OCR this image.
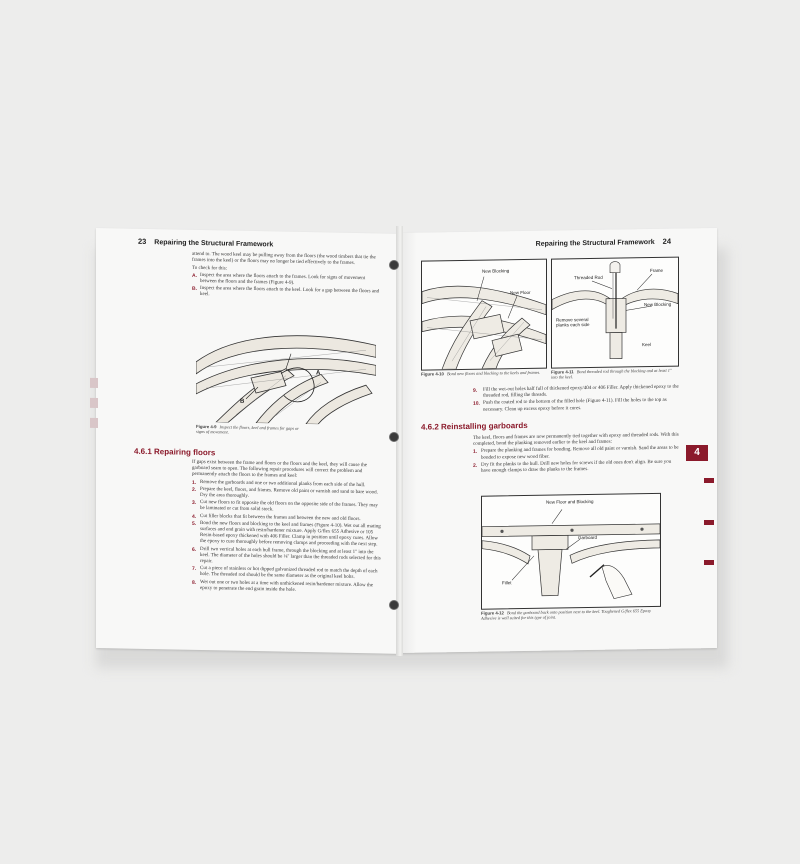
23 Repairing the Structural Framework
attend to. The wood keel may be pulling away from the floors (the wood timbers that tie the frames into the keel) or the floors may no longer be tied effectively to the frames.
To check for this:
A. Inspect the area where the floors attach to the frames. Look for signs of movement between the floors and the frames (Figure 4-9).
B. Inspect the area where the floors attach to the keel. Look for a gap between the floors and keel.
A
B
Figure 4-9 Inspect the floors, keel and frames for gaps or signs of movement.
4.6.1 Repairing floors
If gaps exist between the frame and floors or the floors and the keel, they will cause the garboard seam to open. The following repair procedures will correct the problem and permanently attach the floors to the frames and keel:
1. Remove the garboards and one or two additional planks from each side of the hull.
2. Prepare the keel, floors, and frames. Remove old paint or varnish and sand to bare wood. Dry the area thoroughly.
3. Cut new floors to fit opposite the old floors on the opposite side of the frames. They may be laminated or cut from solid stock.
4. Cut filler blocks that fit between the frames and between the new and old floors.
5. Bond the new floors and blocking to the keel and frames (Figure 4-10). Wet out all mating surfaces and end grain with resin/hardener mixture. Apply G/flex 655 Adhesive or 105 Resin-based epoxy thickened with 406 Filler. Clamp in position until epoxy cures. Allow the epoxy to cure thoroughly before removing clamps and proceeding with the next step.
6. Drill two vertical holes at each hull frame, through the blocking and at least 1" into the keel. The diameter of the holes should be ⅛" larger than the threaded rods selected for this repair.
7. Cut a piece of stainless or hot dipped galvanized threaded rod to match the depth of each hole. The threaded rod should be the same diameter as the original keel bolts.
8. Wet out one or two holes at a time with unthickened resin/hardener mixture. Allow the epoxy to penetrate the end grain inside the hole.
Repairing the Structural Framework 24
New Blocking
New Floor
Figure 4-10 Bond new floors and blocking to the keels and frames.
Frame
Threaded Rod
New Blocking
Remove several planks each side
Keel
Figure 4-11 Bond threaded rod through the blocking and at least 1" into the keel.
9.	Fill the wet-out holes half full of thickened epoxy/404 or 406 Filler. Apply thickened epoxy to the threaded rod, filling the threads.
10. Push the coated rod to the bottom of the filled hole (Figure 4-11). Fill the holes to the top as necessary. Clean up excess epoxy before it cures.
4.6.2 Reinstalling garboards
The keel, floors and frames are now permanently tied together with epoxy and threaded rods. With this completed, bond the planking removed earlier to the keel and frames:
1. Prepare the planking and frames for bonding. Remove all old paint or varnish. Sand the areas to be bonded to expose new wood fiber.
2. Dry fit the planks to the hull. Drill new holes for screws if the old ones don't align. Be sure you have enough clamps to draw the planks to the frames.
New Floor and Blocking
Garboard
Fillet
Figure 4-12 Bond the garboard back onto position next to the keel. Toughened G/flex 655 Epoxy Adhesive is well suited for this type of joint.
4
